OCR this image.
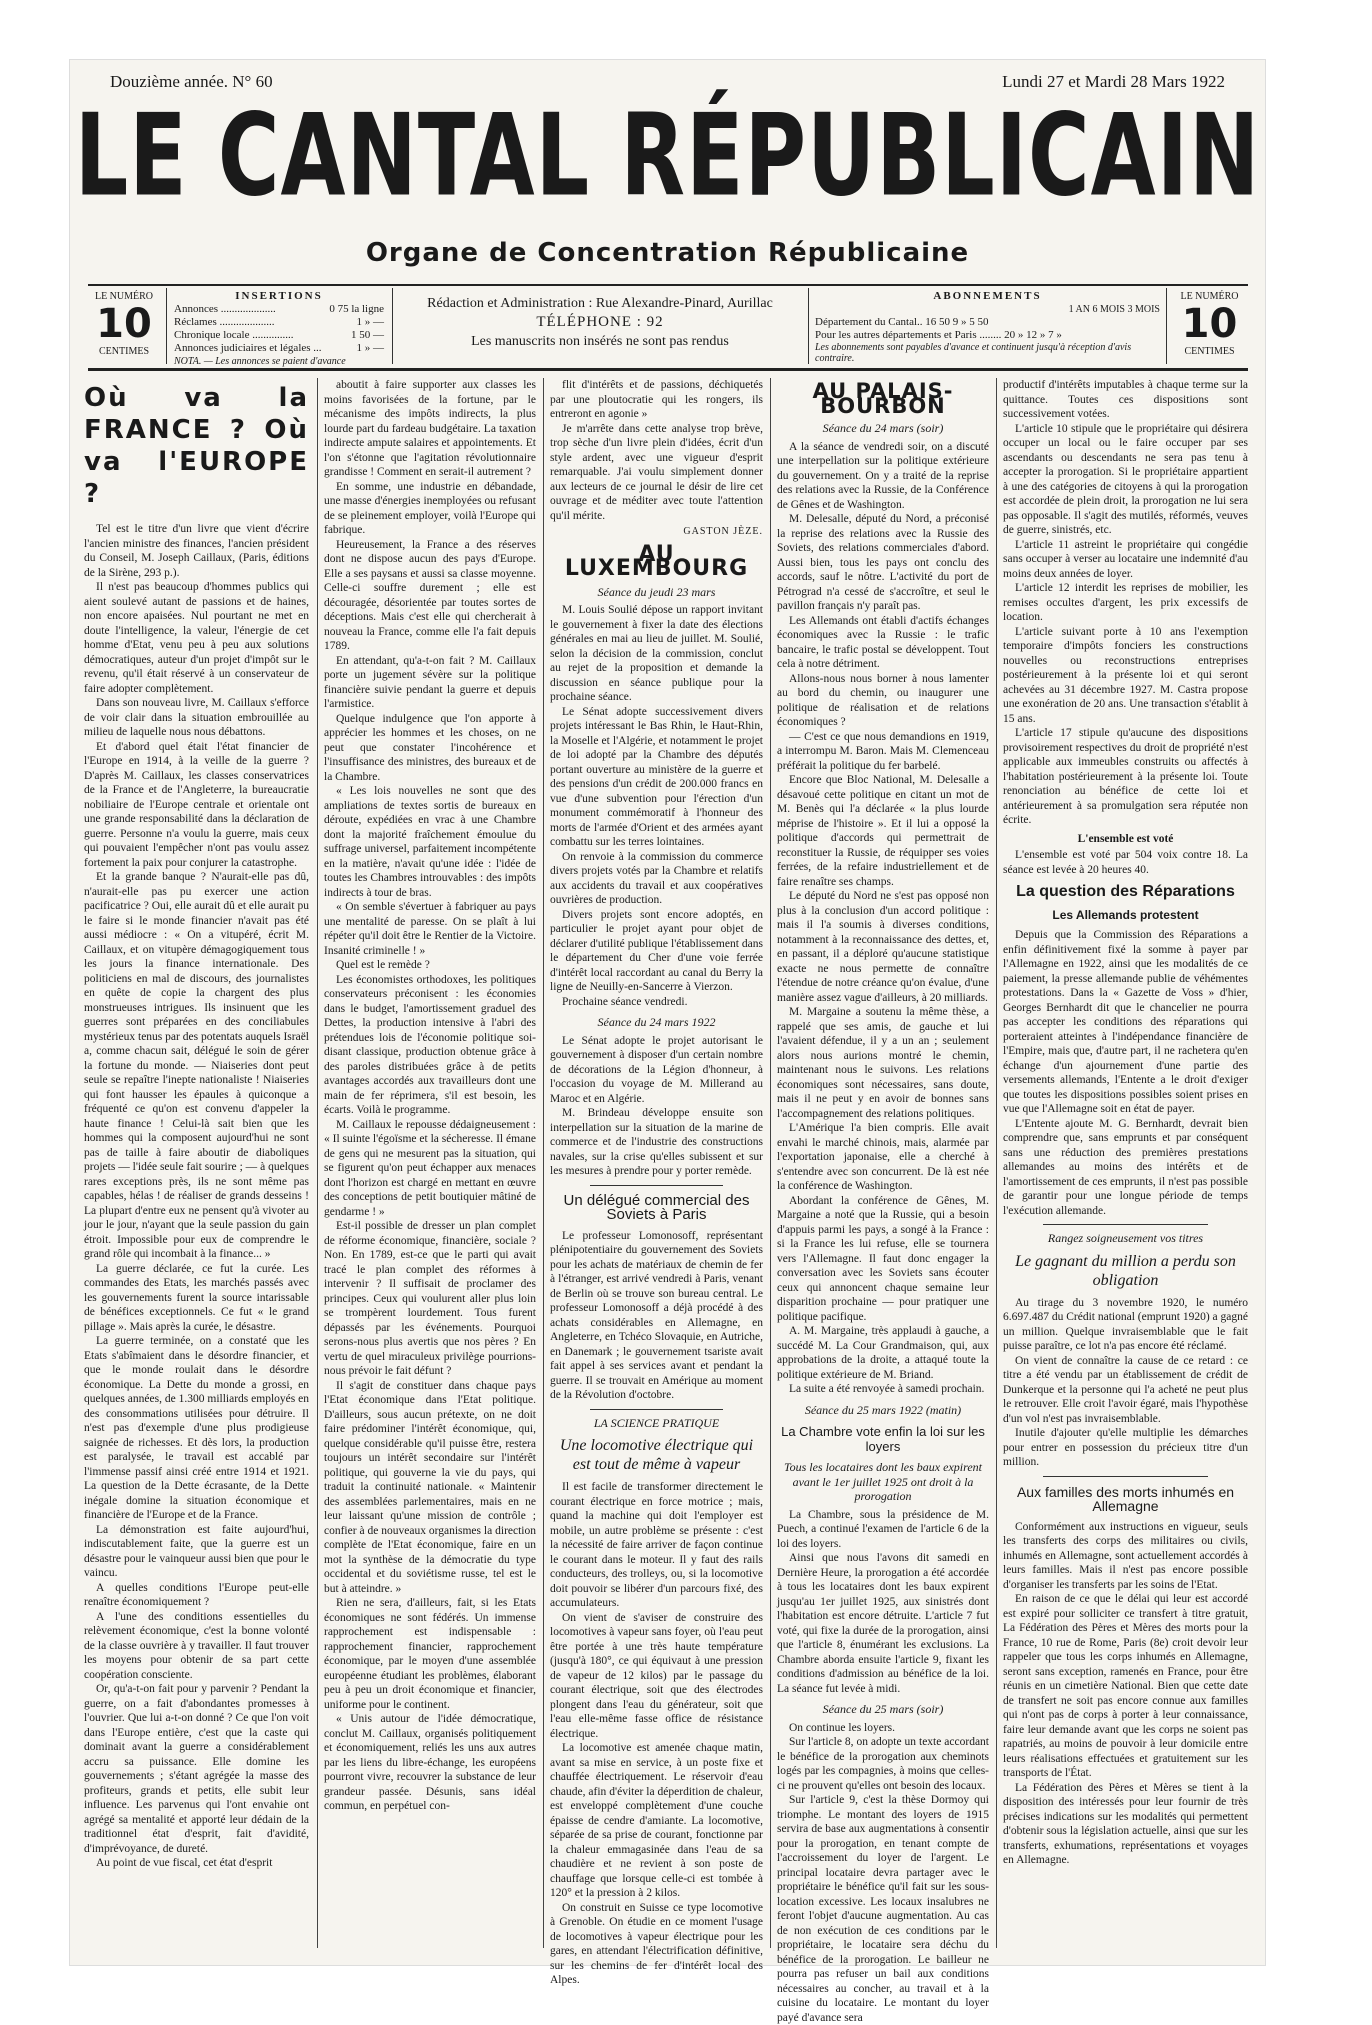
Douzième année. N° 60	Lundi 27 et Mardi 28 Mars 1922
LE CANTAL RÉPUBLICAIN
Organe de Concentration Républicaine
LE NUMÉRO
10
CENTIMES
INSERTIONS
Annonces ....................	0 75 la ligne
Réclames ....................	1 » —
Chronique locale ...............	1 50 —
Annonces judiciaires et légales ...	1 » —
NOTA. — Les annonces se paient d'avance
Rédaction et Administration : Rue Alexandre-Pinard, Aurillac
TÉLÉPHONE : 92
Les manuscrits non insérés ne sont pas rendus
ABONNEMENTS
1 AN 6 MOIS 3 MOIS
Département du Cantal.. 16 50 9 » 5 50
Pour les autres départements et Paris ........ 20 » 12 » 7 »
Les abonnements sont payables d'avance et continuent jusqu'à réception d'avis contraire.
LE NUMÉRO
10
CENTIMES
Où va la FRANCE ? Où va l'EUROPE ?

Tel est le titre d'un livre que vient d'écrire l'ancien ministre des finances, l'ancien président du Conseil, M. Joseph Caillaux, (Paris, éditions de la Sirène, 293 p.).

Il n'est pas beaucoup d'hommes publics qui aient soulevé autant de passions et de haines, non encore apaisées. Nul pourtant ne met en doute l'intelligence, la valeur, l'énergie de cet homme d'Etat, venu peu à peu aux solutions démocratiques, auteur d'un projet d'impôt sur le revenu, qu'il était réservé à un conservateur de faire adopter complètement.

Dans son nouveau livre, M. Caillaux s'efforce de voir clair dans la situation embrouillée au milieu de laquelle nous nous débattons.

Et d'abord quel était l'état financier de l'Europe en 1914, à la veille de la guerre ? D'après M. Caillaux, les classes conservatrices de la France et de l'Angleterre, la bureaucratie nobiliaire de l'Europe centrale et orientale ont une grande responsabilité dans la déclaration de guerre. Personne n'a voulu la guerre, mais ceux qui pouvaient l'empêcher n'ont pas voulu assez fortement la paix pour conjurer la catastrophe.

Et la grande banque ? N'aurait-elle pas dû, n'aurait-elle pas pu exercer une action pacificatrice ? Oui, elle aurait dû et elle aurait pu le faire si le monde financier n'avait pas été aussi médiocre : « On a vitupéré, écrit M. Caillaux, et on vitupère démagogiquement tous les jours la finance internationale. Des politiciens en mal de discours, des journalistes en quête de copie la chargent des plus monstrueuses intrigues. Ils insinuent que les guerres sont préparées en des conciliabules mystérieux tenus par des potentats auquels Israël a, comme chacun sait, délégué le soin de gérer la fortune du monde. — Niaiseries dont peut seule se repaître l'inepte nationaliste ! Niaiseries qui font hausser les épaules à quiconque a fréquenté ce qu'on est convenu d'appeler la haute finance ! Celui-là sait bien que les hommes qui la composent aujourd'hui ne sont pas de taille à faire aboutir de diaboliques projets — l'idée seule fait sourire ; — à quelques rares exceptions près, ils ne sont même pas capables, hélas ! de réaliser de grands desseins ! La plupart d'entre eux ne pensent qu'à vivoter au jour le jour, n'ayant que la seule passion du gain étroit. Impossible pour eux de comprendre le grand rôle qui incombait à la finance... »

La guerre déclarée, ce fut la curée. Les commandes des Etats, les marchés passés avec les gouvernements furent la source intarissable de bénéfices exceptionnels. Ce fut « le grand pillage ». Mais après la curée, le désastre.

La guerre terminée, on a constaté que les Etats s'abîmaient dans le désordre financier, et que le monde roulait dans le désordre économique. La Dette du monde a grossi, en quelques années, de 1.300 milliards employés en des consommations utilisées pour détruire. Il n'est pas d'exemple d'une plus prodigieuse saignée de richesses. Et dès lors, la production est paralysée, le travail est accablé par l'immense passif ainsi créé entre 1914 et 1921. La question de la Dette écrasante, de la Dette inégale domine la situation économique et financière de l'Europe et de la France.

La démonstration est faite aujourd'hui, indiscutablement faite, que la guerre est un désastre pour le vainqueur aussi bien que pour le vaincu.

A quelles conditions l'Europe peut-elle renaître économiquement ?

A l'une des conditions essentielles du relèvement économique, c'est la bonne volonté de la classe ouvrière à y travailler. Il faut trouver les moyens pour obtenir de sa part cette coopération consciente.

Or, qu'a-t-on fait pour y parvenir ? Pendant la guerre, on a fait d'abondantes promesses à l'ouvrier. Que lui a-t-on donné ? Ce que l'on voit dans l'Europe entière, c'est que la caste qui dominait avant la guerre a considérablement accru sa puissance. Elle domine les gouvernements ; s'étant agrégée la masse des profiteurs, grands et petits, elle subit leur influence. Les parvenus qui l'ont envahie ont agrégé sa mentalité et apporté leur dédain de la traditionnel état d'esprit, fait d'avidité, d'imprévoyance, de dureté.

Au point de vue fiscal, cet état d'esprit

aboutit à faire supporter aux classes les moins favorisées de la fortune, par le mécanisme des impôts indirects, la plus lourde part du fardeau budgétaire. La taxation indirecte ampute salaires et appointements. Et l'on s'étonne que l'agitation révolutionnaire grandisse ! Comment en serait-il autrement ?

En somme, une industrie en débandade, une masse d'énergies inemployées ou refusant de se pleinement employer, voilà l'Europe qui fabrique.

Heureusement, la France a des réserves dont ne dispose aucun des pays d'Europe. Elle a ses paysans et aussi sa classe moyenne. Celle-ci souffre durement ; elle est découragée, désorientée par toutes sortes de déceptions. Mais c'est elle qui chercherait à nouveau la France, comme elle l'a fait depuis 1789.

En attendant, qu'a-t-on fait ? M. Caillaux porte un jugement sévère sur la politique financière suivie pendant la guerre et depuis l'armistice.

Quelque indulgence que l'on apporte à apprécier les hommes et les choses, on ne peut que constater l'incohérence et l'insuffisance des ministres, des bureaux et de la Chambre.

« Les lois nouvelles ne sont que des ampliations de textes sortis de bureaux en déroute, expédiées en vrac à une Chambre dont la majorité fraîchement émoulue du suffrage universel, parfaitement incompétente en la matière, n'avait qu'une idée : l'idée de toutes les Chambres introuvables : des impôts indirects à tour de bras.

« On semble s'évertuer à fabriquer au pays une mentalité de paresse. On se plaît à lui répéter qu'il doit être le Rentier de la Victoire. Insanité criminelle ! »

Quel est le remède ?

Les économistes orthodoxes, les politiques conservateurs préconisent : les économies dans le budget, l'amortissement graduel des Dettes, la production intensive à l'abri des prétendues lois de l'économie politique soi-disant classique, production obtenue grâce à des paroles distribuées grâce à de petits avantages accordés aux travailleurs dont une main de fer réprimera, s'il est besoin, les écarts. Voilà le programme.

M. Caillaux le repousse dédaigneusement : « Il suinte l'égoïsme et la sécheresse. Il émane de gens qui ne mesurent pas la situation, qui se figurent qu'on peut échapper aux menaces dont l'horizon est chargé en mettant en œuvre des conceptions de petit boutiquier mâtiné de gendarme ! »

Est-il possible de dresser un plan complet de réforme économique, financière, sociale ? Non. En 1789, est-ce que le parti qui avait tracé le plan complet des réformes à intervenir ? Il suffisait de proclamer des principes. Ceux qui voulurent aller plus loin se trompèrent lourdement. Tous furent dépassés par les événements. Pourquoi serons-nous plus avertis que nos pères ? En vertu de quel miraculeux privilège pourrions-nous prévoir le fait défunt ?

Il s'agit de constituer dans chaque pays l'Etat économique dans l'Etat politique. D'ailleurs, sous aucun prétexte, on ne doit faire prédominer l'intérêt économique, qui, quelque considérable qu'il puisse être, restera toujours un intérêt secondaire sur l'intérêt politique, qui gouverne la vie du pays, qui traduit la continuité nationale. « Maintenir des assemblées parlementaires, mais en ne leur laissant qu'une mission de contrôle ; confier à de nouveaux organismes la direction complète de l'Etat économique, faire en un mot la synthèse de la démocratie du type occidental et du soviétisme russe, tel est le but à atteindre. »

Rien ne sera, d'ailleurs, fait, si les Etats économiques ne sont fédérés. Un immense rapprochement est indispensable : rapprochement financier, rapprochement économique, par le moyen d'une assemblée européenne étudiant les problèmes, élaborant peu à peu un droit économique et financier, uniforme pour le continent.

« Unis autour de l'idée démocratique, conclut M. Caillaux, organisés politiquement et économiquement, reliés les uns aux autres par les liens du libre-échange, les européens pourront vivre, recouvrer la substance de leur grandeur passée. Désunis, sans idéal commun, en perpétuel con-

flit d'intérêts et de passions, déchiquetés par une ploutocratie qui les rongers, ils entreront en agonie »

Je m'arrête dans cette analyse trop brève, trop sèche d'un livre plein d'idées, écrit d'un style ardent, avec une vigueur d'esprit remarquable. J'ai voulu simplement donner aux lecteurs de ce journal le désir de lire cet ouvrage et de méditer avec toute l'attention qu'il mérite.

GASTON JÈZE.
AU LUXEMBOURG
Séance du jeudi 23 mars

M. Louis Soulié dépose un rapport invitant le gouvernement à fixer la date des élections générales en mai au lieu de juillet. M. Soulié, selon la décision de la commission, conclut au rejet de la proposition et demande la discussion en séance publique pour la prochaine séance.

Le Sénat adopte successivement divers projets intéressant le Bas Rhin, le Haut-Rhin, la Moselle et l'Algérie, et notamment le projet de loi adopté par la Chambre des députés portant ouverture au ministère de la guerre et des pensions d'un crédit de 200.000 francs en vue d'une subvention pour l'érection d'un monument commémoratif à l'honneur des morts de l'armée d'Orient et des armées ayant combattu sur les terres lointaines.

On renvoie à la commission du commerce divers projets votés par la Chambre et relatifs aux accidents du travail et aux coopératives ouvrières de production.

Divers projets sont encore adoptés, en particulier le projet ayant pour objet de déclarer d'utilité publique l'établissement dans le département du Cher d'une voie ferrée d'intérêt local raccordant au canal du Berry la ligne de Neuilly-en-Sancerre à Vierzon.

Prochaine séance vendredi.

Séance du 24 mars 1922

Le Sénat adopte le projet autorisant le gouvernement à disposer d'un certain nombre de décorations de la Légion d'honneur, à l'occasion du voyage de M. Millerand au Maroc et en Algérie.

M. Brindeau développe ensuite son interpellation sur la situation de la marine de commerce et de l'industrie des constructions navales, sur la crise qu'elles subissent et sur les mesures à prendre pour y porter remède.

Un délégué commercial des Soviets à Paris

Le professeur Lomonosoff, représentant plénipotentiaire du gouvernement des Soviets pour les achats de matériaux de chemin de fer à l'étranger, est arrivé vendredi à Paris, venant de Berlin où se trouve son bureau central. Le professeur Lomonosoff a déjà procédé à des achats considérables en Allemagne, en Angleterre, en Tchéco Slovaquie, en Autriche, en Danemark ; le gouvernement tsariste avait fait appel à ses services avant et pendant la guerre. Il se trouvait en Amérique au moment de la Révolution d'octobre.

LA SCIENCE PRATIQUE
Une locomotive électrique qui est tout de même à vapeur

Il est facile de transformer directement le courant électrique en force motrice ; mais, quand la machine qui doit l'employer est mobile, un autre problème se présente : c'est la nécessité de faire arriver de façon continue le courant dans le moteur. Il y faut des rails conducteurs, des trolleys, ou, si la locomotive doit pouvoir se libérer d'un parcours fixé, des accumulateurs.

On vient de s'aviser de construire des locomotives à vapeur sans foyer, où l'eau peut être portée à une très haute température (jusqu'à 180°, ce qui équivaut à une pression de vapeur de 12 kilos) par le passage du courant électrique, soit que des électrodes plongent dans l'eau du générateur, soit que l'eau elle-même fasse office de résistance électrique.

La locomotive est amenée chaque matin, avant sa mise en service, à un poste fixe et chauffée électriquement. Le réservoir d'eau chaude, afin d'éviter la déperdition de chaleur, est enveloppé complètement d'une couche épaisse de cendre d'amiante. La locomotive, séparée de sa prise de courant, fonctionne par la chaleur emmagasinée dans l'eau de sa chaudière et ne revient à son poste de chauffage que lorsque celle-ci est tombée à 120° et la pression à 2 kilos.

On construit en Suisse ce type locomotive à Grenoble. On étudie en ce moment l'usage de locomotives à vapeur électrique pour les gares, en attendant l'électrification définitive, sur les chemins de fer d'intérêt local des Alpes.

AU PALAIS-BOURBON
Séance du 24 mars (soir)

A la séance de vendredi soir, on a discuté une interpellation sur la politique extérieure du gouvernement. On y a traité de la reprise des relations avec la Russie, de la Conférence de Gênes et de Washington.

M. Delesalle, député du Nord, a préconisé la reprise des relations avec la Russie des Soviets, des relations commerciales d'abord. Aussi bien, tous les pays ont conclu des accords, sauf le nôtre. L'activité du port de Pétrograd n'a cessé de s'accroître, et seul le pavillon français n'y paraît pas.

Les Allemands ont établi d'actifs échanges économiques avec la Russie : le trafic bancaire, le trafic postal se développent. Tout cela à notre détriment.

Allons-nous nous borner à nous lamenter au bord du chemin, ou inaugurer une politique de réalisation et de relations économiques ?

— C'est ce que nous demandions en 1919, a interrompu M. Baron. Mais M. Clemenceau préférait la politique du fer barbelé.

Encore que Bloc National, M. Delesalle a désavoué cette politique en citant un mot de M. Benès qui l'a déclarée « la plus lourde méprise de l'histoire ». Et il lui a opposé la politique d'accords qui permettrait de reconstituer la Russie, de réquipper ses voies ferrées, de la refaire industriellement et de faire renaître ses champs.

Le député du Nord ne s'est pas opposé non plus à la conclusion d'un accord politique : mais il l'a soumis à diverses conditions, notamment à la reconnaissance des dettes, et, en passant, il a déploré qu'aucune statistique exacte ne nous permette de connaître l'étendue de notre créance qu'on évalue, d'une manière assez vague d'ailleurs, à 20 milliards.

M. Margaine a soutenu la même thèse, a rappelé que ses amis, de gauche et lui l'avaient défendue, il y a un an ; seulement alors nous aurions montré le chemin, maintenant nous le suivons. Les relations économiques sont nécessaires, sans doute, mais il ne peut y en avoir de bonnes sans l'accompagnement des relations politiques.

L'Amérique l'a bien compris. Elle avait envahi le marché chinois, mais, alarmée par l'exportation japonaise, elle a cherché à s'entendre avec son concurrent. De là est née la conférence de Washington.

Abordant la conférence de Gênes, M. Margaine a noté que la Russie, qui a besoin d'appuis parmi les pays, a songé à la France : si la France les lui refuse, elle se tournera vers l'Allemagne. Il faut donc engager la conversation avec les Soviets sans écouter ceux qui annoncent chaque semaine leur disparition prochaine — pour pratiquer une politique pacifique.

A. M. Margaine, très applaudi à gauche, a succédé M. La Cour Grandmaison, qui, aux approbations de la droite, a attaqué toute la politique extérieure de M. Briand.

La suite a été renvoyée à samedi prochain.

Séance du 25 mars 1922 (matin)
La Chambre vote enfin la loi sur les loyers
Tous les locataires dont les baux expirent avant le 1er juillet 1925 ont droit à la prorogation

La Chambre, sous la présidence de M. Puech, a continué l'examen de l'article 6 de la loi des loyers.

Ainsi que nous l'avons dit samedi en Dernière Heure, la prorogation a été accordée à tous les locataires dont les baux expirent jusqu'au 1er juillet 1925, aux sinistrés dont l'habitation est encore détruite. L'article 7 fut voté, qui fixe la durée de la prorogation, ainsi que l'article 8, énumérant les exclusions. La Chambre aborda ensuite l'article 9, fixant les conditions d'admission au bénéfice de la loi. La séance fut levée à midi.

Séance du 25 mars (soir)

On continue les loyers.

Sur l'article 8, on adopte un texte accordant le bénéfice de la prorogation aux cheminots logés par les compagnies, à moins que celles-ci ne prouvent qu'elles ont besoin des locaux.

Sur l'article 9, c'est la thèse Dormoy qui triomphe. Le montant des loyers de 1915 servira de base aux augmentations à consentir pour la prorogation, en tenant compte de l'accroissement du loyer de l'argent. Le principal locataire devra partager avec le propriétaire le bénéfice qu'il fait sur les sous-location excessive. Les locaux insalubres ne feront l'objet d'aucune augmentation. Au cas de non exécution de ces conditions par le propriétaire, le locataire sera déchu du bénéfice de la prorogation. Le bailleur ne pourra pas refuser un bail aux conditions nécessaires au concher, au travail et à la cuisine du locataire. Le montant du loyer payé d'avance sera

productif d'intérêts imputables à chaque terme sur la quittance. Toutes ces dispositions sont successivement votées.

L'article 10 stipule que le propriétaire qui désirera occuper un local ou le faire occuper par ses ascendants ou descendants ne sera pas tenu à accepter la prorogation. Si le propriétaire appartient à une des catégories de citoyens à qui la prorogation est accordée de plein droit, la prorogation ne lui sera pas opposable. Il s'agit des mutilés, réformés, veuves de guerre, sinistrés, etc.

L'article 11 astreint le propriétaire qui congédie sans occuper à verser au locataire une indemnité d'au moins deux années de loyer.

L'article 12 interdit les reprises de mobilier, les remises occultes d'argent, les prix excessifs de location.

L'article suivant porte à 10 ans l'exemption temporaire d'impôts fonciers les constructions nouvelles ou reconstructions entreprises postérieurement à la présente loi et qui seront achevées au 31 décembre 1927. M. Castra propose une exonération de 20 ans. Une transaction s'établit à 15 ans.

L'article 17 stipule qu'aucune des dispositions provisoirement respectives du droit de propriété n'est applicable aux immeubles construits ou affectés à l'habitation postérieurement à la présente loi. Toute renonciation au bénéfice de cette loi et antérieurement à sa promulgation sera réputée non écrite.

L'ensemble est voté

L'ensemble est voté par 504 voix contre 18. La séance est levée à 20 heures 40.

La question des Réparations
Les Allemands protestent

Depuis que la Commission des Réparations a enfin définitivement fixé la somme à payer par l'Allemagne en 1922, ainsi que les modalités de ce paiement, la presse allemande publie de véhémentes protestations. Dans la « Gazette de Voss » d'hier, Georges Bernhardt dit que le chancelier ne pourra pas accepter les conditions des réparations qui porteraient atteintes à l'indépendance financière de l'Empire, mais que, d'autre part, il ne rachetera qu'en échange d'un ajournement d'une partie des versements allemands, l'Entente a le droit d'exiger que toutes les dispositions possibles soient prises en vue que l'Allemagne soit en état de payer.

L'Entente ajoute M. G. Bernhardt, devrait bien comprendre que, sans emprunts et par conséquent sans une réduction des premières prestations allemandes au moins des intérêts et de l'amortissement de ces emprunts, il n'est pas possible de garantir pour une longue période de temps l'exécution allemande.

Rangez soigneusement vos titres
Le gagnant du million a perdu son obligation

Au tirage du 3 novembre 1920, le numéro 6.697.487 du Crédit national (emprunt 1920) a gagné un million. Quelque invraisemblable que le fait puisse paraître, ce lot n'a pas encore été réclamé.

On vient de connaître la cause de ce retard : ce titre a été vendu par un établissement de crédit de Dunkerque et la personne qui l'a acheté ne peut plus le retrouver. Elle croit l'avoir égaré, mais l'hypothèse d'un vol n'est pas invraisemblable.

Inutile d'ajouter qu'elle multiplie les démarches pour entrer en possession du précieux titre d'un million.

Aux familles des morts inhumés en Allemagne

Conformément aux instructions en vigueur, seuls les transferts des corps des militaires ou civils, inhumés en Allemagne, sont actuellement accordés à leurs familles. Mais il n'est pas encore possible d'organiser les transferts par les soins de l'Etat.

En raison de ce que le délai qui leur est accordé est expiré pour solliciter ce transfert à titre gratuit, La Fédération des Pères et Mères des morts pour la France, 10 rue de Rome, Paris (8e) croit devoir leur rappeler que tous les corps inhumés en Allemagne, seront sans exception, ramenés en France, pour être réunis en un cimetière National. Bien que cette date de transfert ne soit pas encore connue aux familles qui n'ont pas de corps à porter à leur connaissance, faire leur demande avant que les corps ne soient pas rapatriés, au moins de pouvoir à leur domicile entre leurs réalisations effectuées et gratuitement sur les transports de l'État.

La Fédération des Pères et Mères se tient à la disposition des intéressés pour leur fournir de très précises indications sur les modalités qui permettent d'obtenir sous la législation actuelle, ainsi que sur les transferts, exhumations, représentations et voyages en Allemagne.
